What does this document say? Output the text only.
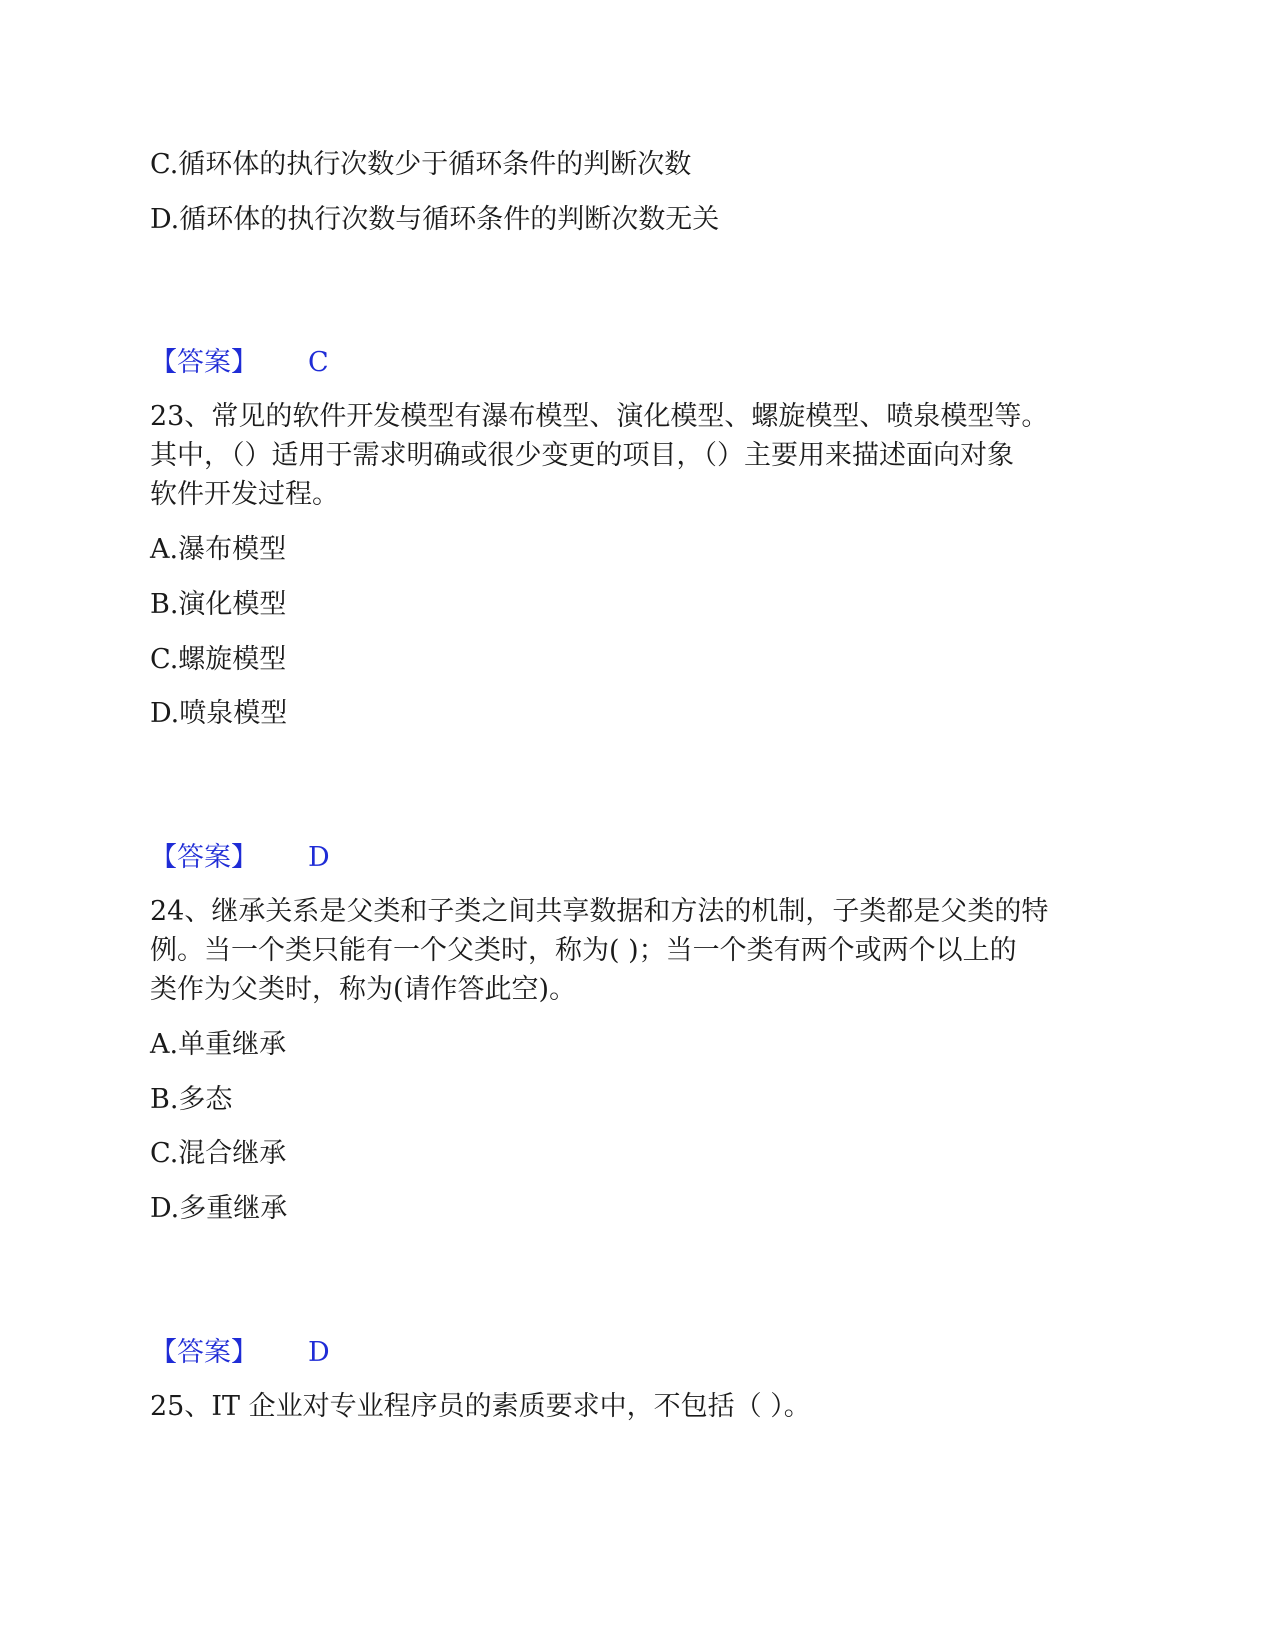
C.循环体的执行次数少于循环条件的判断次数
D.循环体的执行次数与循环条件的判断次数无关
【答案】 C
23、常见的软件开发模型有瀑布模型、演化模型、螺旋模型、喷泉模型等。
其中，（）适用于需求明确或很少变更的项目，（）主要用来描述面向对象
软件开发过程。
A.瀑布模型
B.演化模型
C.螺旋模型
D.喷泉模型
【答案】 D
24、继承关系是父类和子类之间共享数据和方法的机制，子类都是父类的特
例。当一个类只能有一个父类时，称为( )；当一个类有两个或两个以上的
类作为父类时，称为(请作答此空)。
A.单重继承
B.多态
C.混合继承
D.多重继承
【答案】 D
25、IT 企业对专业程序员的素质要求中，不包括（ ）。
